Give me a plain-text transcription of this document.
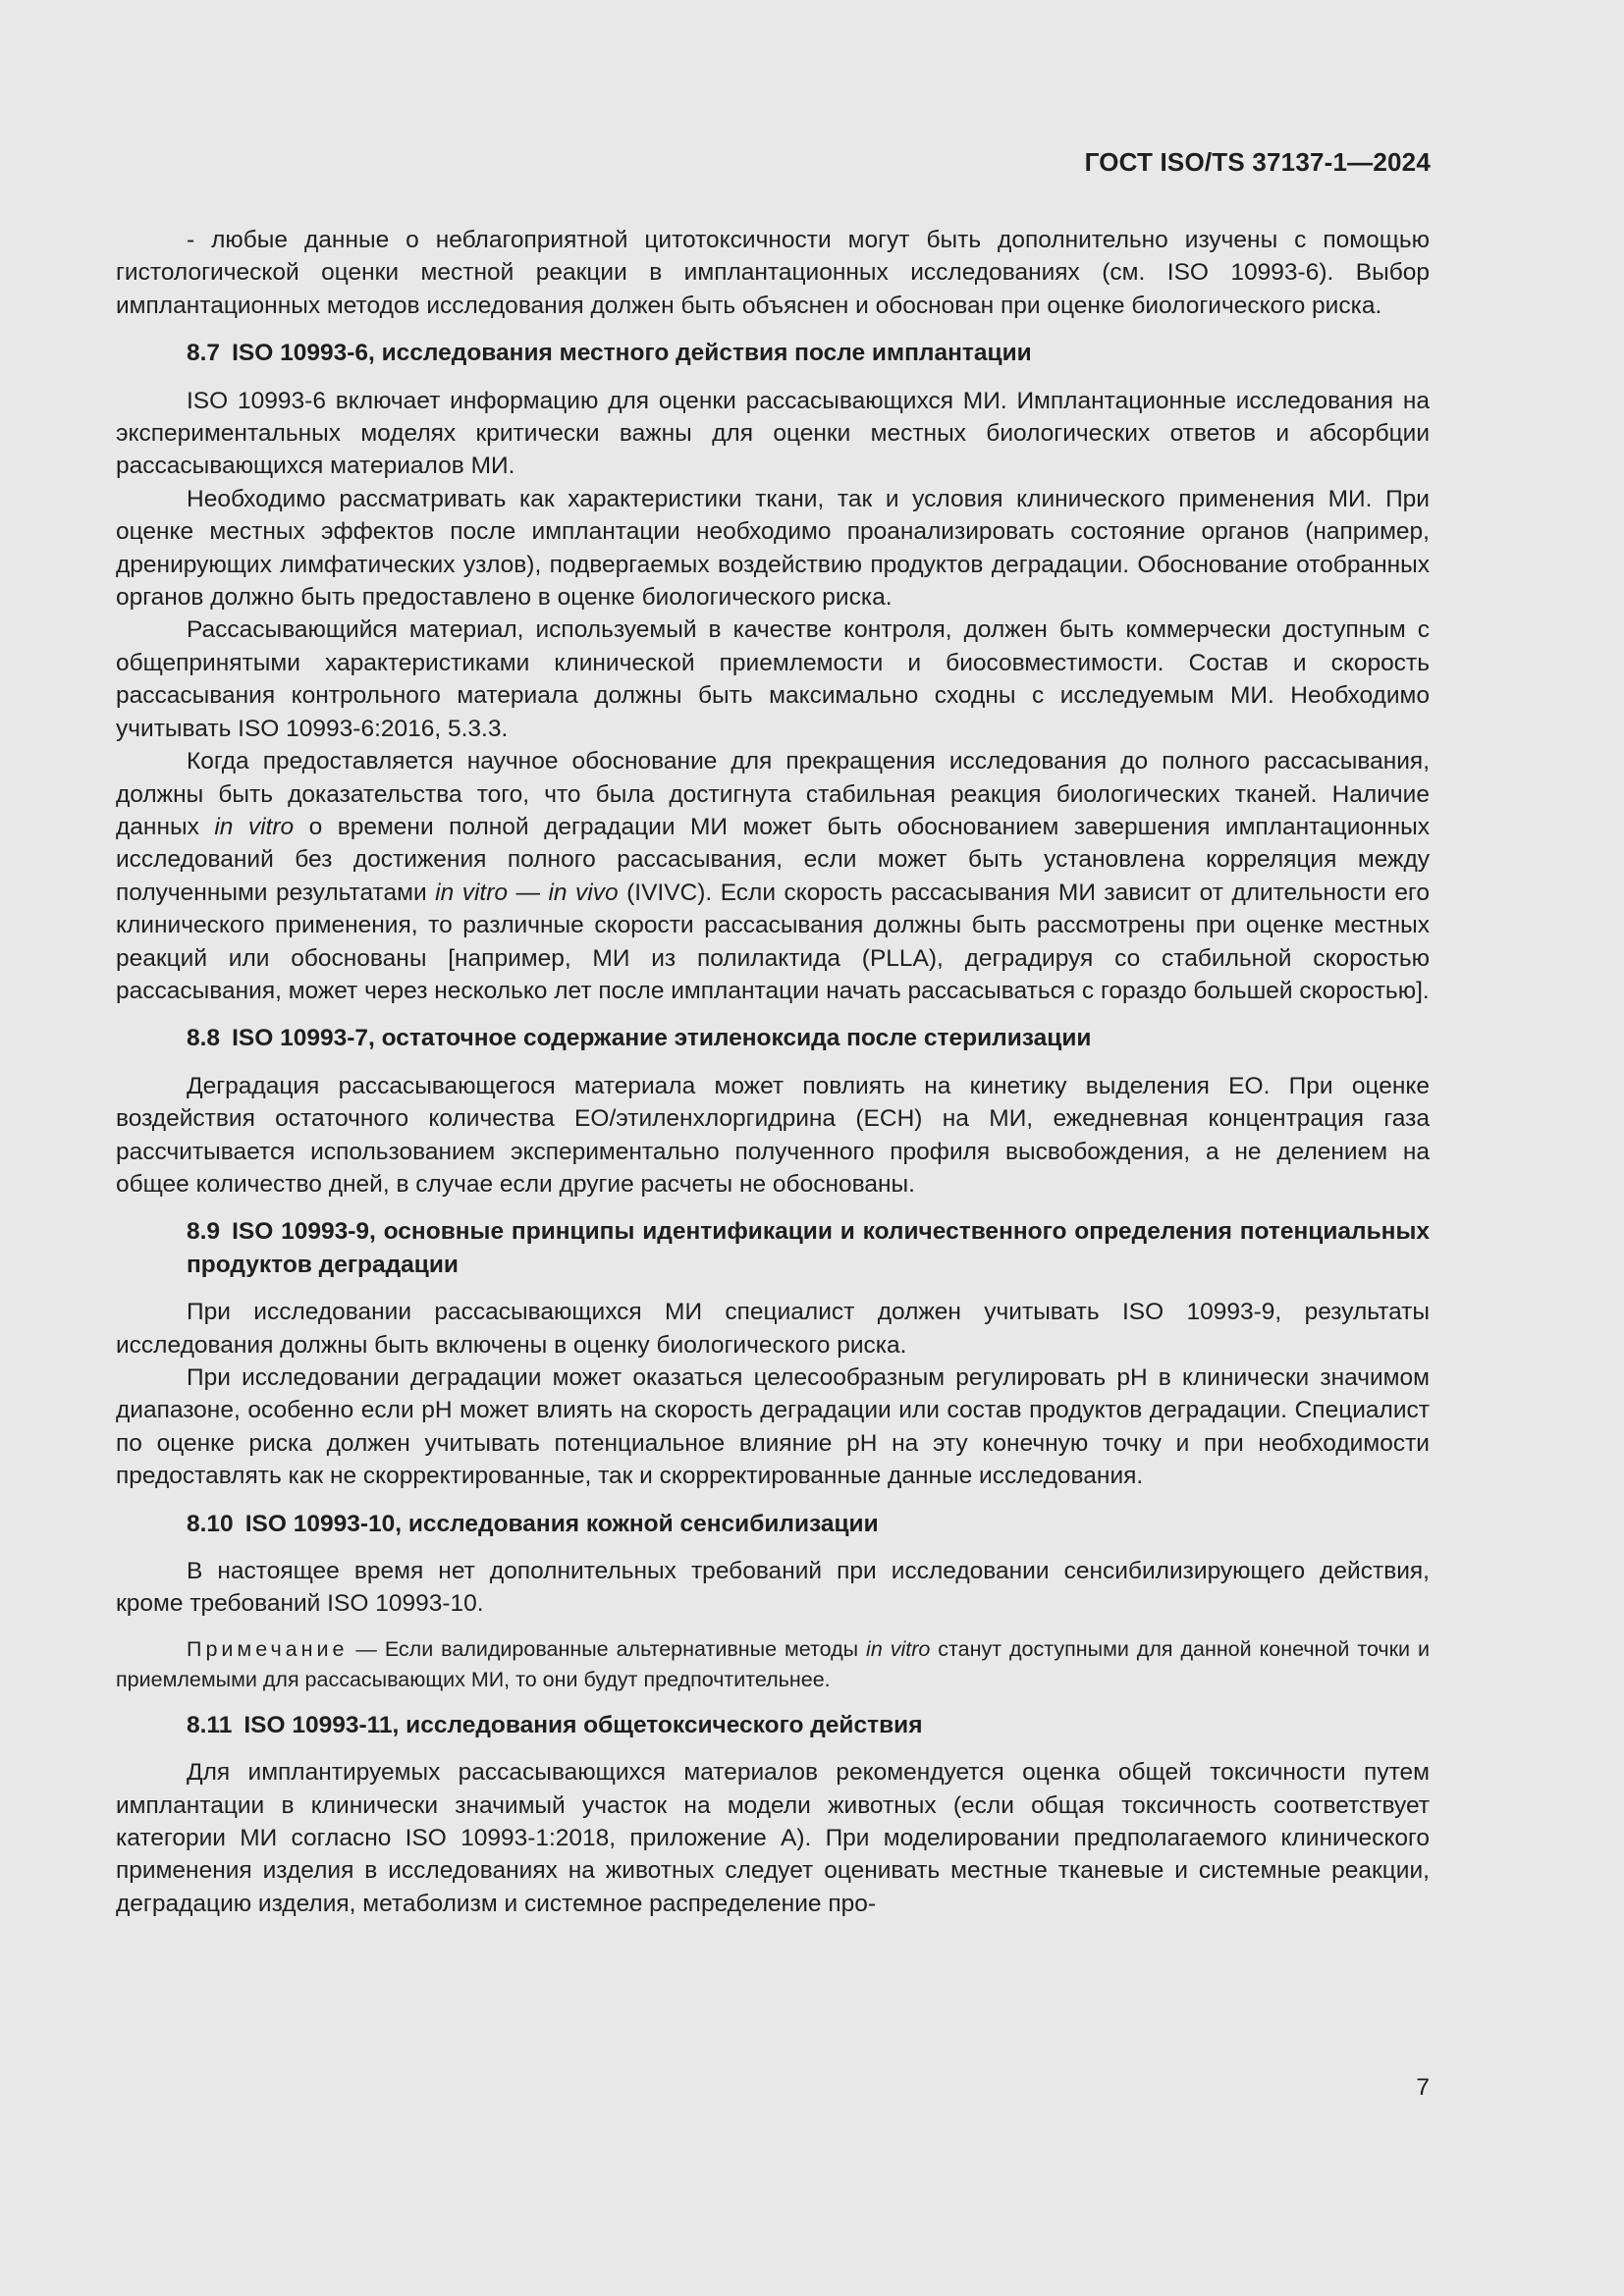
ГОСТ ISO/TS 37137-1—2024

- любые данные о неблагоприятной цитотоксичности могут быть дополнительно изучены с помощью гистологической оценки местной реакции в имплантационных исследованиях (см. ISO 10993-6). Выбор имплантационных методов исследования должен быть объяснен и обоснован при оценке биологического риска.

8.7 ISO 10993-6, исследования местного действия после имплантации

ISO 10993-6 включает информацию для оценки рассасывающихся МИ. Имплантационные исследования на экспериментальных моделях критически важны для оценки местных биологических ответов и абсорбции рассасывающихся материалов МИ.

Необходимо рассматривать как характеристики ткани, так и условия клинического применения МИ. При оценке местных эффектов после имплантации необходимо проанализировать состояние органов (например, дренирующих лимфатических узлов), подвергаемых воздействию продуктов деградации. Обоснование отобранных органов должно быть предоставлено в оценке биологического риска.

Рассасывающийся материал, используемый в качестве контроля, должен быть коммерчески доступным с общепринятыми характеристиками клинической приемлемости и биосовместимости. Состав и скорость рассасывания контрольного материала должны быть максимально сходны с исследуемым МИ. Необходимо учитывать ISO 10993-6:2016, 5.3.3.

Когда предоставляется научное обоснование для прекращения исследования до полного рассасывания, должны быть доказательства того, что была достигнута стабильная реакция биологических тканей. Наличие данных in vitro о времени полной деградации МИ может быть обоснованием завершения имплантационных исследований без достижения полного рассасывания, если может быть установлена корреляция между полученными результатами in vitro — in vivo (IVIVC). Если скорость рассасывания МИ зависит от длительности его клинического применения, то различные скорости рассасывания должны быть рассмотрены при оценке местных реакций или обоснованы [например, МИ из полилактида (PLLA), деградируя со стабильной скоростью рассасывания, может через несколько лет после имплантации начать рассасываться с гораздо большей скоростью].

8.8 ISO 10993-7, остаточное содержание этиленоксида после стерилизации

Деградация рассасывающегося материала может повлиять на кинетику выделения EO. При оценке воздействия остаточного количества EO/этиленхлоргидрина (ECH) на МИ, ежедневная концентрация газа рассчитывается использованием экспериментально полученного профиля высвобождения, а не делением на общее количество дней, в случае если другие расчеты не обоснованы.

8.9 ISO 10993-9, основные принципы идентификации и количественного определения потенциальных продуктов деградации

При исследовании рассасывающихся МИ специалист должен учитывать ISO 10993-9, результаты исследования должны быть включены в оценку биологического риска.

При исследовании деградации может оказаться целесообразным регулировать pH в клинически значимом диапазоне, особенно если pH может влиять на скорость деградации или состав продуктов деградации. Специалист по оценке риска должен учитывать потенциальное влияние pH на эту конечную точку и при необходимости предоставлять как не скорректированные, так и скорректированные данные исследования.

8.10 ISO 10993-10, исследования кожной сенсибилизации

В настоящее время нет дополнительных требований при исследовании сенсибилизирующего действия, кроме требований ISO 10993-10.

Примечание — Если валидированные альтернативные методы in vitro станут доступными для данной конечной точки и приемлемыми для рассасывающих МИ, то они будут предпочтительнее.

8.11 ISO 10993-11, исследования общетоксического действия

Для имплантируемых рассасывающихся материалов рекомендуется оценка общей токсичности путем имплантации в клинически значимый участок на модели животных (если общая токсичность соответствует категории МИ согласно ISO 10993-1:2018, приложение А). При моделировании предполагаемого клинического применения изделия в исследованиях на животных следует оценивать местные тканевые и системные реакции, деградацию изделия, метаболизм и системное распределение про-

7
